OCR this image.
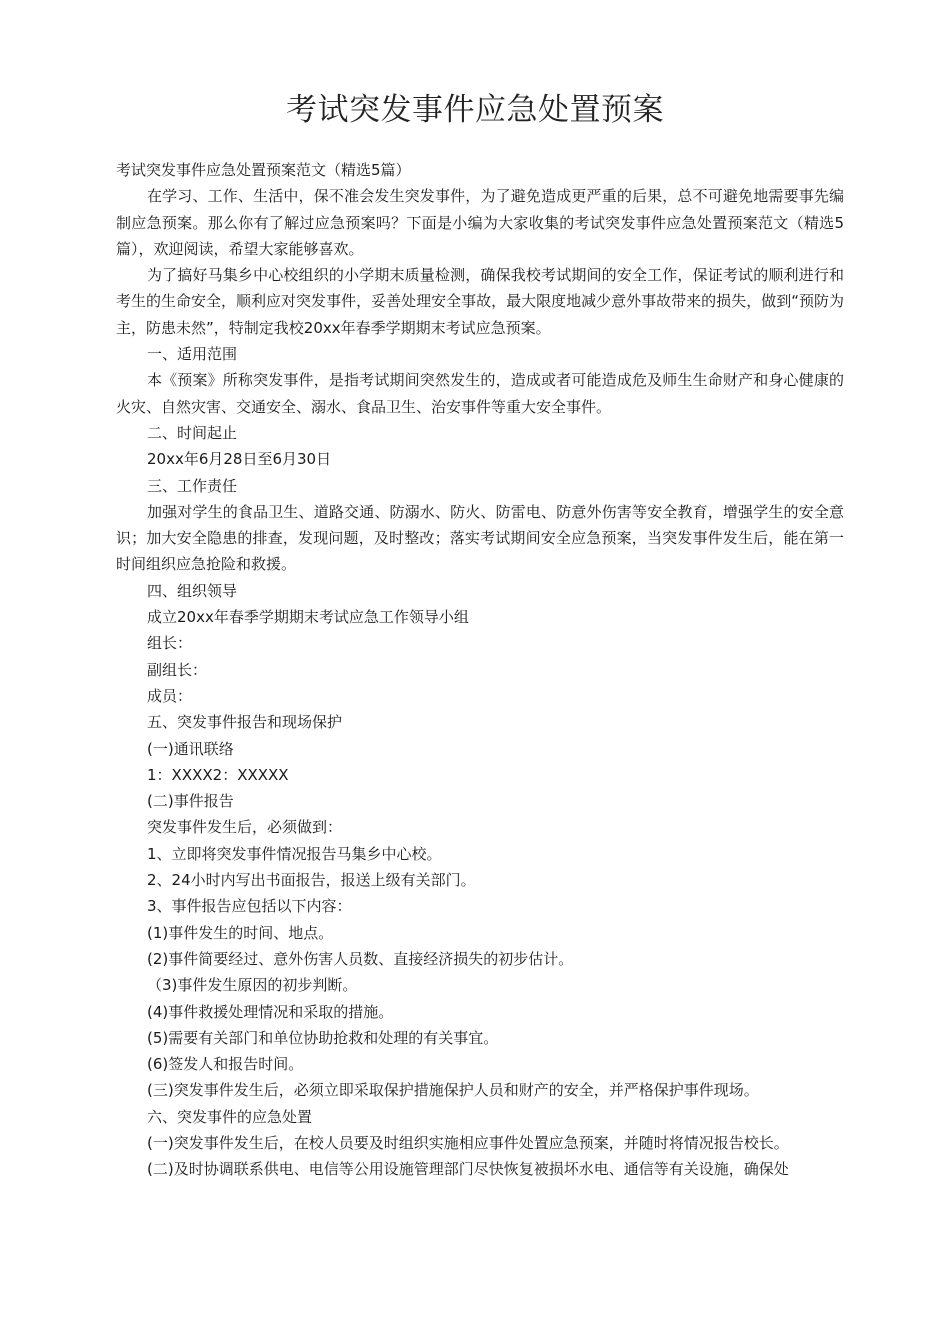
考试突发事件应急处置预案

考试突发事件应急处置预案范文（精选5篇）

在学习、工作、生活中，保不准会发生突发事件，为了避免造成更严重的后果，总不可避免地需要事先编制应急预案。那么你有了解过应急预案吗？下面是小编为大家收集的考试突发事件应急处置预案范文（精选5篇），欢迎阅读，希望大家能够喜欢。

为了搞好马集乡中心校组织的小学期末质量检测，确保我校考试期间的安全工作，保证考试的顺利进行和考生的生命安全，顺利应对突发事件，妥善处理安全事故，最大限度地减少意外事故带来的损失，做到“预防为主，防患未然”，特制定我校20xx年春季学期期末考试应急预案。

一、适用范围

本《预案》所称突发事件，是指考试期间突然发生的，造成或者可能造成危及师生生命财产和身心健康的火灾、自然灾害、交通安全、溺水、食品卫生、治安事件等重大安全事件。

二、时间起止

20xx年6月28日至6月30日

三、工作责任

加强对学生的食品卫生、道路交通、防溺水、防火、防雷电、防意外伤害等安全教育，增强学生的安全意识；加大安全隐患的排查，发现问题，及时整改；落实考试期间安全应急预案，当突发事件发生后，能在第一时间组织应急抢险和救援。

四、组织领导

成立20xx年春季学期期末考试应急工作领导小组

组长：

副组长：

成员：

五、突发事件报告和现场保护

(一)通讯联络

1：XXXX2：XXXXX

(二)事件报告

突发事件发生后，必须做到：

1、立即将突发事件情况报告马集乡中心校。

2、24小时内写出书面报告，报送上级有关部门。

3、事件报告应包括以下内容：

(1)事件发生的时间、地点。

(2)事件简要经过、意外伤害人员数、直接经济损失的初步估计。

（3)事件发生原因的初步判断。

(4)事件救援处理情况和采取的措施。

(5)需要有关部门和单位协助抢救和处理的有关事宜。

(6)签发人和报告时间。

(三)突发事件发生后，必须立即采取保护措施保护人员和财产的安全，并严格保护事件现场。

六、突发事件的应急处置

(一)突发事件发生后，在校人员要及时组织实施相应事件处置应急预案，并随时将情况报告校长。

(二)及时协调联系供电、电信等公用设施管理部门尽快恢复被损坏水电、通信等有关设施，确保处
